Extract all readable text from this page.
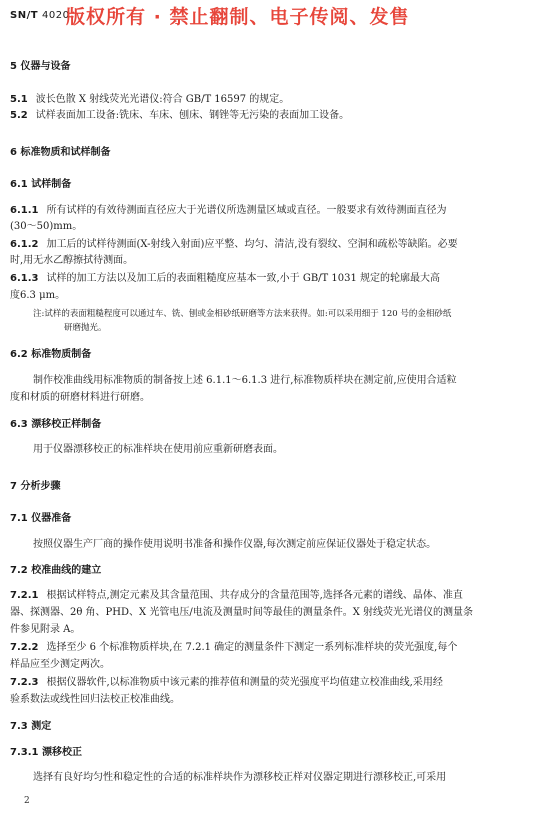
SN/T 4020
版权所有 · 禁止翻制、电子传阅、发售
5 仪器与设备
5.1 波长色散 X 射线荧光光谱仪:符合 GB/T 16597 的规定。
5.2 试样表面加工设备:铣床、车床、刨床、钢锉等无污染的表面加工设备。
6 标准物质和试样制备
6.1 试样制备
6.1.1 所有试样的有效待测面直径应大于光谱仪所选测量区域或直径。一般要求有效待测面直径为
(30～50)mm。
6.1.2 加工后的试样待测面(X-射线入射面)应平整、均匀、清洁,没有裂纹、空洞和疏松等缺陷。必要
时,用无水乙醇擦拭待测面。
6.1.3 试样的加工方法以及加工后的表面粗糙度应基本一致,小于 GB/T 1031 规定的轮廓最大高
度6.3 μm。
注:试样的表面粗糙程度可以通过车、铣、刨或金相砂纸研磨等方法来获得。如:可以采用细于 120 号的金相砂纸
研磨抛光。
6.2 标准物质制备
制作校准曲线用标准物质的制备按上述 6.1.1～6.1.3 进行,标准物质样块在测定前,应使用合适粒
度和材质的研磨材料进行研磨。
6.3 漂移校正样制备
用于仪器漂移校正的标准样块在使用前应重新研磨表面。
7 分析步骤
7.1 仪器准备
按照仪器生产厂商的操作使用说明书准备和操作仪器,每次测定前应保证仪器处于稳定状态。
7.2 校准曲线的建立
7.2.1 根据试样特点,测定元素及其含量范围、共存成分的含量范围等,选择各元素的谱线、晶体、准直
器、探测器、2θ 角、PHD、X 光管电压/电流及测量时间等最佳的测量条件。X 射线荧光光谱仪的测量条
件参见附录 A。
7.2.2 选择至少 6 个标准物质样块,在 7.2.1 确定的测量条件下测定一系列标准样块的荧光强度,每个
样品应至少测定两次。
7.2.3 根据仪器软件,以标准物质中该元素的推荐值和测量的荧光强度平均值建立校准曲线,采用经
验系数法或线性回归法校正校准曲线。
7.3 测定
7.3.1 漂移校正
选择有良好均匀性和稳定性的合适的标准样块作为漂移校正样对仪器定期进行漂移校正,可采用
2
